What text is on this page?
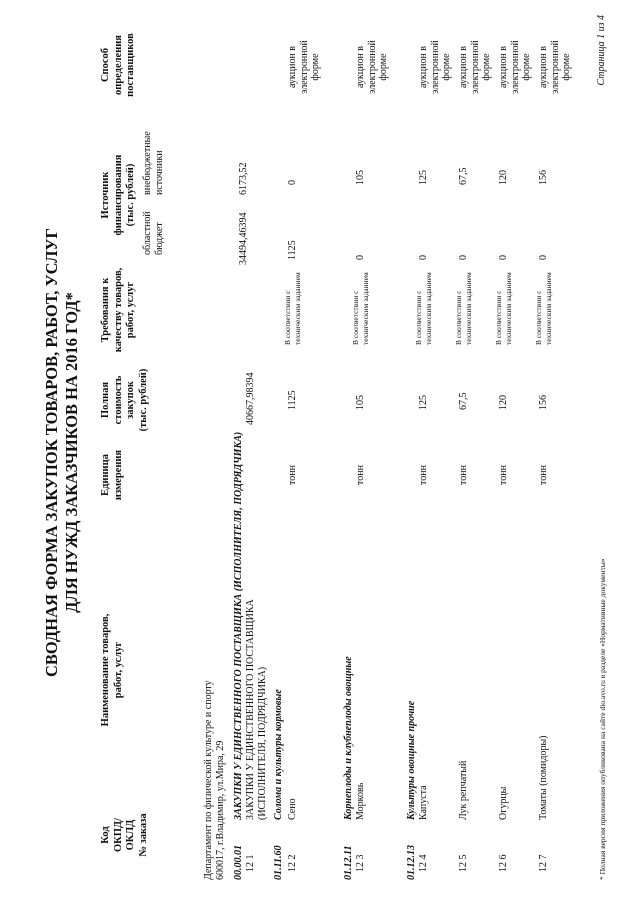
СВОДНАЯ ФОРМА ЗАКУПОК ТОВАРОВ, РАБОТ, УСЛУГ ДЛЯ НУЖД ЗАКАЗЧИКОВ НА 2016 ГОД*
Код ОКПД/ ОКЛД № заказа
Наименование товаров, работ, услуг
Единица измерения
Полная стоимость закупок (тыс. рублей)
Требования к качеству товаров, работ, услуг
Источник финансирования (тыс. рублей)
областной бюджет
внебюджетные источники
Способ определения поставщиков
Департамент по физической культуре и спорту 600017, г.Владимир, ул.Мира, 29 00.00.01
ЗАКУПКИ У ЕДИНСТВЕННОГО ПОСТАВЩИКА (ИСПОЛНИТЕЛЯ, ПОДРЯДЧИКА)
12 1
ЗАКУПКИ У ЕДИНСТВЕННОГО ПОСТАВЩИКА (ИСПОЛНИТЕЛЯ, ПОДРЯДЧИКА)
40667,98394
34494,46394
6173,52
01.11.60
Солома и культуры кормовые
12 2
Сено
тонн
1125
В соответствии с техническим заданием
1125
0
аукцион в электронной форме
01.12.11
Корнеплоды и клубнеплоды овощные
12 3
Морковь
тонн
105
В соответствии с техническим заданием
0
105
аукцион в электронной форме
01.12.13
Культуры овощные прочие
12 4
Капуста
тонн
125
В соответствии с техническим заданием
0
125
аукцион в электронной форме
12 5
Лук репчатый
тонн
67,5
В соответствии с техническим заданием
0
67,5
аукцион в электронной форме
12 6
Огурцы
тонн
120
В соответствии с техническим заданием
0
120
аукцион в электронной форме
12 7
Томаты (помидоры)
тонн
156
В соответствии с техническим заданием
0
156
аукцион в электронной форме
* Полная версия приложения опубликована на сайте dio.avo.ru в разделе «Нормативные документы»
Страница 1 из 4
